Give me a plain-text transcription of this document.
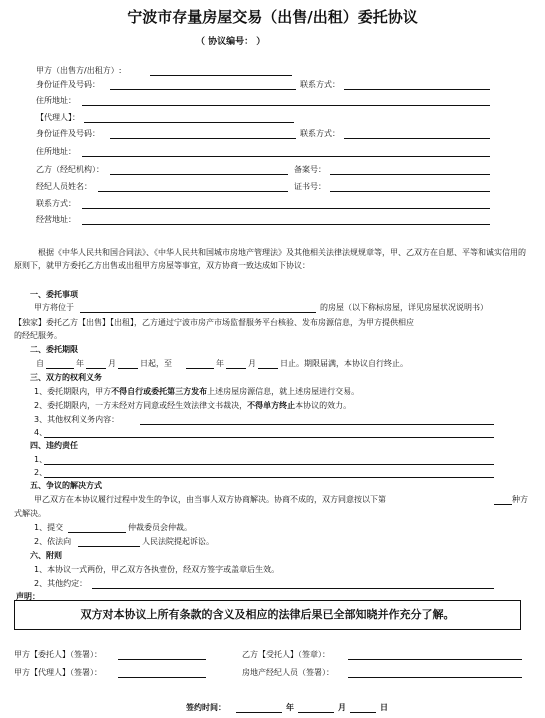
宁波市存量房屋交易（出售/出租）委托协议
（ 协议编号： ）
甲方（出售方/出租方）:
身份证件及号码：	联系方式：
住所地址：
【代理人】：
身份证件及号码：	联系方式：
住所地址：
乙方（经纪机构）：	备案号：
经纪人员姓名：	证书号：
联系方式：
经营地址：
根据《中华人民共和国合同法》、《中华人民共和国城市房地产管理法》及其他相关法律法规规章等，甲、乙双方在自愿、平等和诚实信用的原则下，就甲方委托乙方出售或出租甲方房屋等事宜，双方协商一致达成如下协议：
一、委托事项
甲方将位于	的房屋（以下称标房屋，详见房屋状况说明书）
【独家】委托乙方【出售】【出租】，乙方通过宁波市房产市场监督服务平台核验、发布房源信息，为甲方提供相应
的经纪服务。
二、委托期限
自	年	月	日起，至	年	月	日止。期限届满，本协议自行终止。
三、双方的权利义务
1、委托期限内，甲方不得自行或委托第三方发布上述房屋房源信息，就上述房屋进行交易。
2、委托期限内，一方未经对方同意或经生效法律文书裁决，不得单方终止本协议的效力。
3、其他权利义务内容：
4、
四、违约责任
1、
2、
五、争议的解决方式
甲乙双方在本协议履行过程中发生的争议，由当事人双方协商解决。协商不成的，双方同意按以下第	种方
式解决。
1、提交	仲裁委员会仲裁。
2、依法向	人民法院提起诉讼。
六、附则
1、本协议一式两份，甲乙双方各执壹份，经双方签字或盖章后生效。
2、其他约定：
声明：
双方对本协议上所有条款的含义及相应的法律后果已全部知晓并作充分了解。
甲方【委托人】（签署）：	乙方【受托人】（签章）：
甲方【代理人】（签署）：	房地产经纪人员（签署）：
签约时间：	年	月	日
